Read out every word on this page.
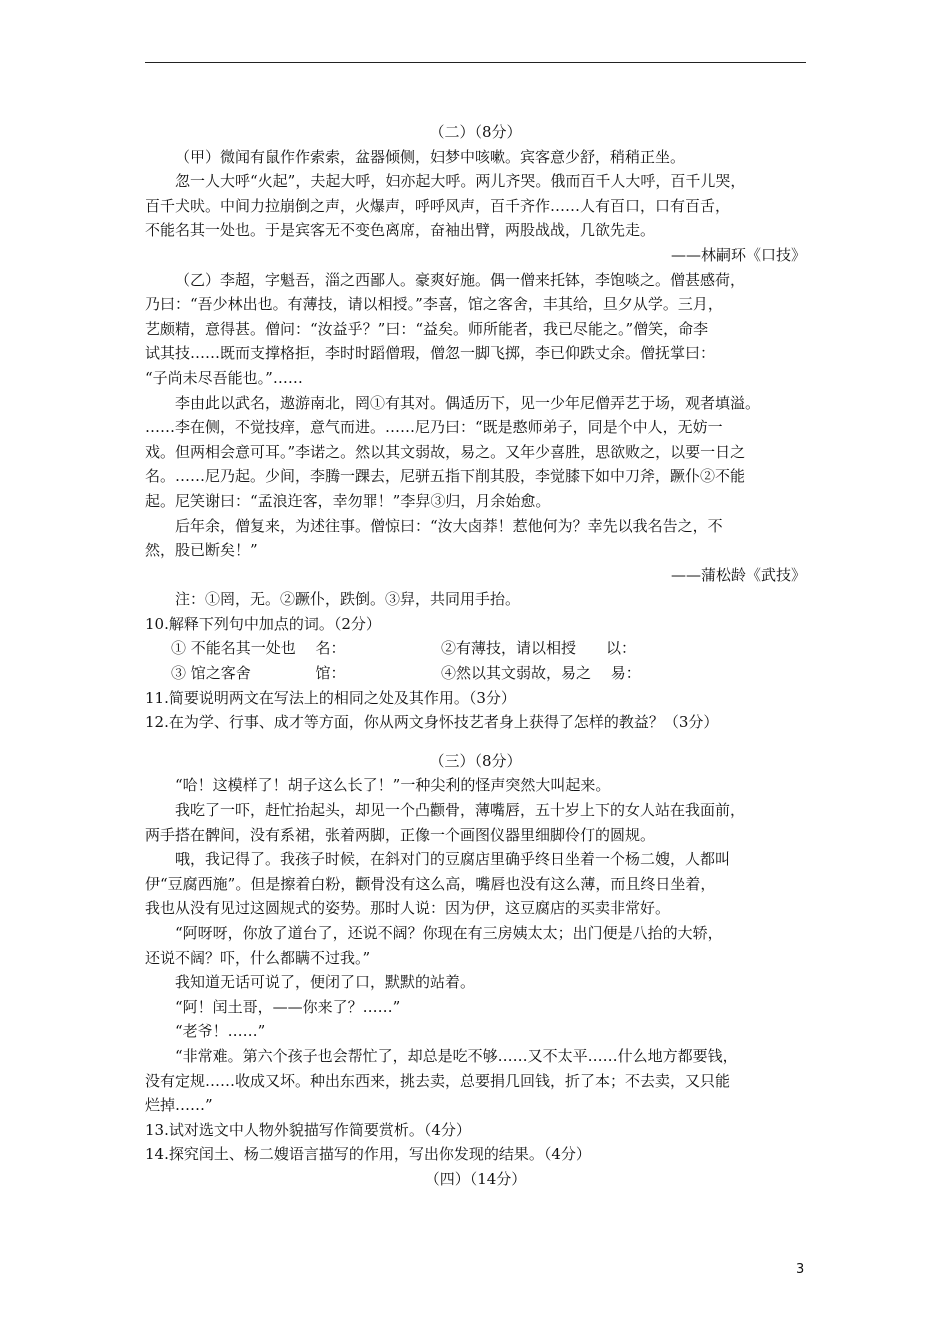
（二）（8分）

（甲）微闻有鼠作作索索，盆器倾侧，妇梦中咳嗽。宾客意少舒，稍稍正坐。

忽一人大呼“火起”，夫起大呼，妇亦起大呼。两儿齐哭。俄而百千人大呼，百千儿哭，

百千犬吠。中间力拉崩倒之声，火爆声，呼呼风声，百千齐作……人有百口，口有百舌，

不能名其一处也。于是宾客无不变色离席，奋袖出臂，两股战战，几欲先走。

——林嗣环《口技》

（乙）李超，字魁吾，淄之西鄙人。豪爽好施。偶一僧来托钵，李饱啖之。僧甚感荷，

乃曰：“吾少林出也。有薄技，请以相授。”李喜，馆之客舍，丰其给，旦夕从学。三月，

艺颇精，意得甚。僧问：“汝益乎？”曰：“益矣。师所能者，我已尽能之。”僧笑，命李

试其技……既而支撑格拒，李时时蹈僧瑕，僧忽一脚飞掷，李已仰跌丈余。僧抚掌曰：

“子尚未尽吾能也。”……

李由此以武名，遨游南北，罔①有其对。偶适历下，见一少年尼僧弄艺于场，观者填溢。

……李在侧，不觉技痒，意气而进。……尼乃曰：“既是憨师弟子，同是个中人，无妨一

戏。但两相会意可耳。”李诺之。然以其文弱故，易之。又年少喜胜，思欲败之，以要一日之

名。……尼乃起。少间，李腾一踝去，尼骈五指下削其股，李觉膝下如中刀斧，蹶仆②不能

起。尼笑谢曰：“孟浪迕客，幸勿罪！”李舁③归，月余始愈。

后年余，僧复来，为述往事。僧惊曰：“汝大卤莽！惹他何为？幸先以我名告之，不

然，股已断矣！”

——蒲松龄《武技》

注：①罔，无。②蹶仆，跌倒。③舁，共同用手抬。

10.解释下列句中加点的词。（2分）

① 不能名其一处也　 名：	②有薄技，请以相授　　以：
③ 馆之客舍　　　　 馆：	④然以其文弱故，易之　 易：

11.简要说明两文在写法上的相同之处及其作用。（3分）

12.在为学、行事、成才等方面，你从两文身怀技艺者身上获得了怎样的教益？（3分）

（三）（8分）

“哈！这模样了！胡子这么长了！”一种尖利的怪声突然大叫起来。

我吃了一吓，赶忙抬起头，却见一个凸颧骨，薄嘴唇，五十岁上下的女人站在我面前，

两手搭在髀间，没有系裙，张着两脚，正像一个画图仪器里细脚伶仃的圆规。

哦，我记得了。我孩子时候，在斜对门的豆腐店里确乎终日坐着一个杨二嫂，人都叫

伊“豆腐西施”。但是擦着白粉，颧骨没有这么高，嘴唇也没有这么薄，而且终日坐着，

我也从没有见过这圆规式的姿势。那时人说：因为伊，这豆腐店的买卖非常好。

“阿呀呀，你放了道台了，还说不阔？你现在有三房姨太太；出门便是八抬的大轿，

还说不阔？吓，什么都瞒不过我。”

我知道无话可说了，便闭了口，默默的站着。

“阿！闰土哥，——你来了？……”

“老爷！……”

“非常难。第六个孩子也会帮忙了，却总是吃不够……又不太平……什么地方都要钱，

没有定规……收成又坏。种出东西来，挑去卖，总要捐几回钱，折了本；不去卖，又只能

烂掉……”

13.试对选文中人物外貌描写作简要赏析。（4分）

14.探究闰土、杨二嫂语言描写的作用，写出你发现的结果。（4分）

（四）（14分）
3
